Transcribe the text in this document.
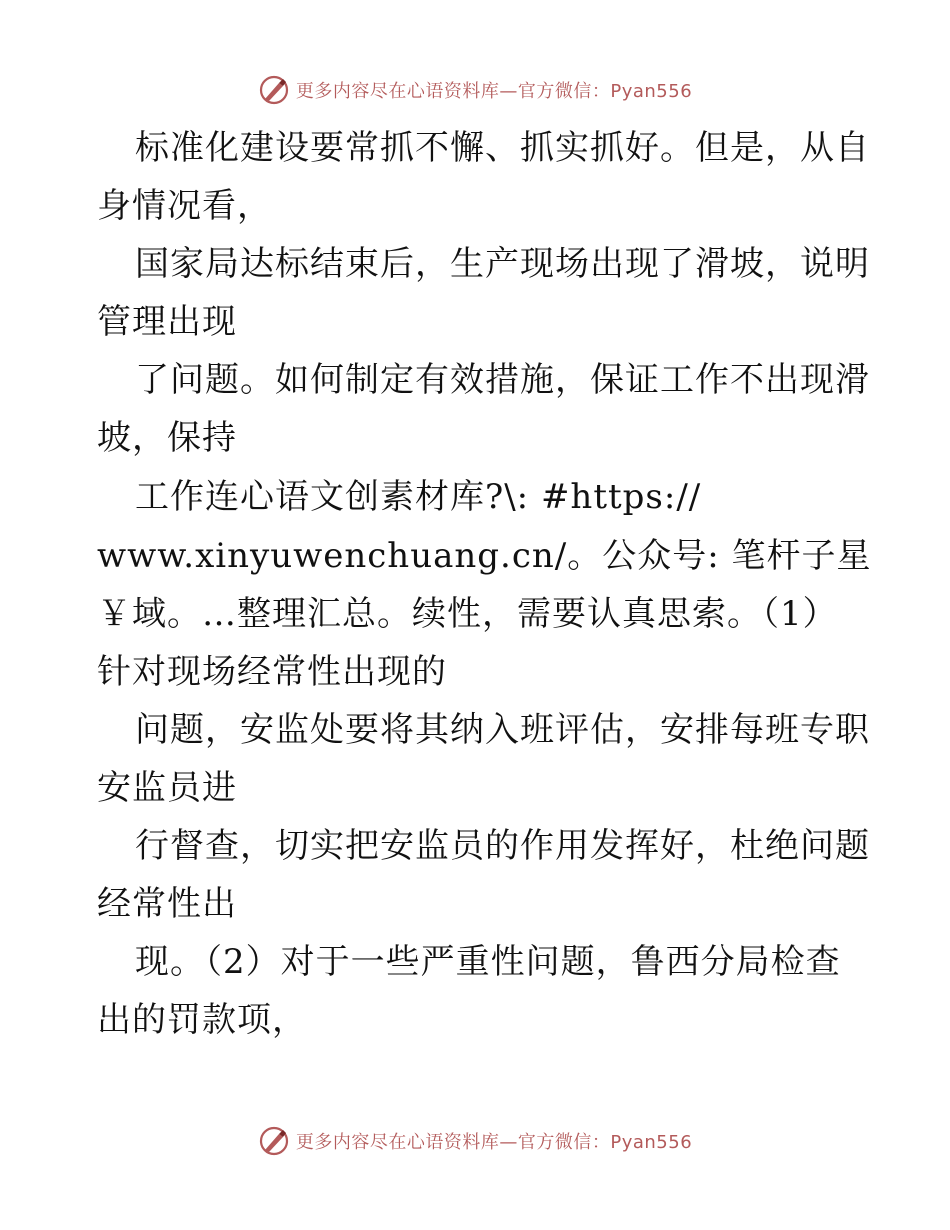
更多内容尽在心语资料库—官方微信：Pyan556
标准化建设要常抓不懈、抓实抓好。但是，从自
身情况看，
国家局达标结束后，生产现场出现了滑坡，说明
管理出现
了问题。如何制定有效措施，保证工作不出现滑
坡，保持
工作连心语文创素材库?\: #https://
www.xinyuwenchuang.cn/。公众号: 笔杆子星
￥域。…整理汇总。续性，需要认真思索。（1）
针对现场经常性出现的
问题，安监处要将其纳入班评估，安排每班专职
安监员进
行督查，切实把安监员的作用发挥好，杜绝问题
经常性出
现。（2）对于一些严重性问题，鲁西分局检查
出的罚款项，
更多内容尽在心语资料库—官方微信：Pyan556
